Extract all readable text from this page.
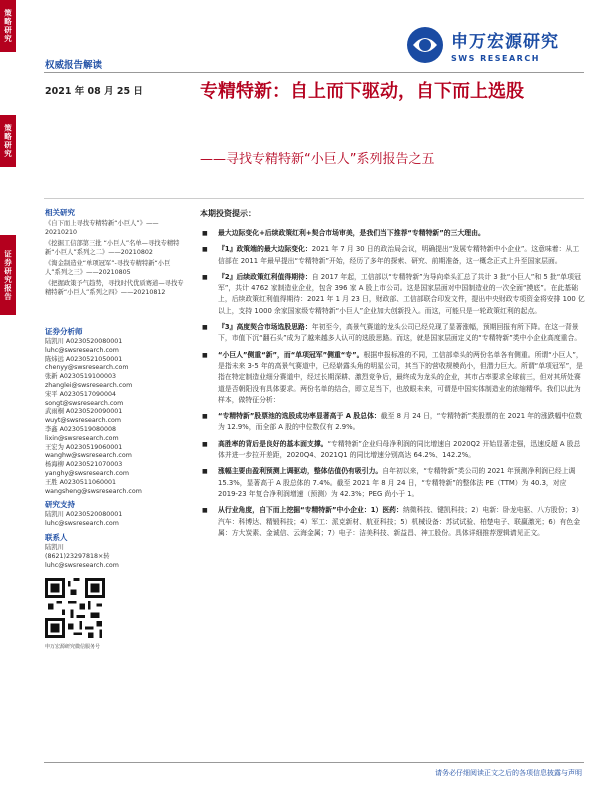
策略研究
策略研究
证券研究报告
申万宏源研究
SWS RESEARCH
权威报告解读
2021 年 08 月 25 日	专精特新：自上而下驱动，自下而上选股
——寻找专精特新“小巨人”系列报告之五
相关研究
《自下而上寻找专精特新“小巨人”》——20210210
《挖掘工信部第三批 “小巨人”名单—寻找专精特新“小巨人”系列之二》——20210802
《淘金制造业“单项冠军”-寻找专精特新“小巨人”系列之三》——20210805
《把握政策予气趋势，寻找时代优质赛道—寻找专精特新“小巨人”系列之四》——20210812
证券分析师
陆凯川 A0230520080001
luhc@swsresearch.com
陈炜远 A0230521050001
chenyy@swsresearch.com
张新 A0230519100003
zhanglei@swsresearch.com
宋平 A0230517090004
songt@swsresearch.com
武雨桐 A0230520090001
wuyt@swsresearch.com
李鑫 A0230519080008
lixin@swsresearch.com
王宏为 A0230519060001
wanghw@swsresearch.com
杨海柳 A0230521070003
yanghy@swsresearch.com
王胜 A0230511060001
wangsheng@swsresearch.com
研究支持
陆凯川 A0230520080001
luhc@swsresearch.com
联系人
陆凯川
(8621)23297818×转
luhc@swsresearch.com
申万宏源研究微信服务号
本期投资提示：
■ 最大边际变化+后续政策红利+契合市场审美，是我们当下推荐“专精特新”的三大理由。
■ 『1』政策端的最大边际变化：2021 年 7 月 30 日的政治局会议，明确提出“发展专精特新中小企业”。这意味着：从工信部在 2011 年最早提出“专精特新”开始，经历了多年的探索、研究、前期准备，这一概念正式上升至国家层面。
■ 『2』后续政策红利值得期待：自 2017 年起，工信部以“专精特新”为导向牵头汇总了共计 3 批“小巨人”和 5 批“单项冠军”，共计 4762 家制造业企业，包含 396 家 A 股上市公司。这是国家层面对中国制造业的一次全面“摸底”。在此基础上，后续政策红利值得期待：2021 年 1 月 23 日，财政部、工信部联合印发文件，提出中央财政专项资金将安排 100 亿以上，支持 1000 余家国家级专精特新“小巨人”企业加大创新投入。而这，可能只是一轮政策红利的起点。
■ 『3』高度契合市场选股思路：年初至今，高景气赛道的龙头公司已经兑现了显著涨幅，预期回报有所下降。在这一背景下，市值下沉“翻石头”成为了越来越多人认可的选股思路。而这，就是国家层面定义的“专精特新”类中小企业高度重合。
■ “小巨人”侧重“新”，而“单项冠军”侧重“专”。根据申报标准的不同，工信部牵头的两份名单各有侧重。所谓“小巨人”，是指未来 3-5 年的高景气赛道中，已经崭露头角的明星公司，其当下的营收规模尚小，但潜力巨大。所谓“单项冠军”，是指在特定制造业细分赛道中，经过长期深耕、激烈竞争后，最终成为龙头的企业，其市占率要求全球前三，但对其所处赛道是否朝阳没有具体要求。两份名单的结合，即立足当下，也放眼未来，可谓是中国实体制造业的浓缩精华。我们以此为样本，做特征分析：
■ “专精特新”股票池的选股成功率显著高于 A 股总体：截至 8 月 24 日，“专精特新”类股票的在 2021 年的涨跌幅中位数为 12.9%，而全部 A 股的中位数仅有 2.9%。
■ 高胜率的背后是良好的基本面支撑。“专精特新”企业归母净利润的同比增速自 2020Q2 开始显著走强，迅速反超 A 股总体并进一步拉开差距，2020Q4、2021Q1 的同比增速分别高达 64.2%、142.2%。
■ 涨幅主要由盈利预测上调驱动，整体估值仍有吸引力。自年初以来，“专精特新”类公司的 2021 年预测净利润已经上调 15.3%，显著高于 A 股总体的 7.4%。截至 2021 年 8 月 24 日，“专精特新”的整体法 PE（TTM）为 40.3，对应 2019-23 年复合净利润增速（预测）为 42.3%；PEG 尚小于 1。
■ 从行业角度，自下而上挖掘“专精特新”中小企业：1）医药：纳微科技、键凯科技；2）电新：卧龙电驱、八方股份；3）汽车：科博达、精锻科技；4）军工：派克新材、航亚科技；5）机械设备：苏试试验、柏楚电子、联赢激光；6）有色金属：方大炭素、金诚信、云海金属；7）电子：洁美科技、新益昌、神工股份。具体详细推荐逻辑请见正文。
请务必仔细阅读正文之后的各项信息披露与声明
